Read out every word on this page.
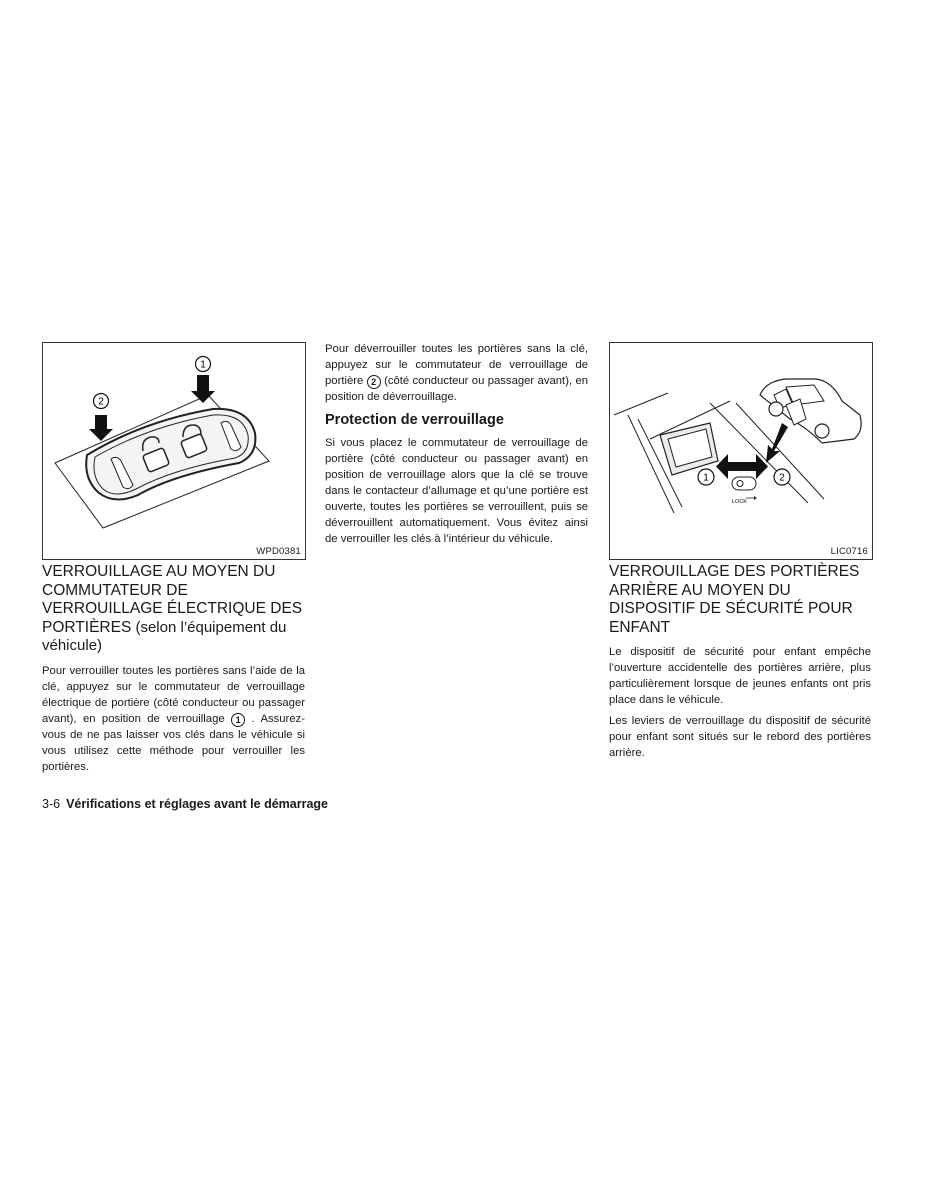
1
2
WPD0381
1	2
LOCK
LIC0716
VERROUILLAGE AU MOYEN DU COMMUTATEUR DE VERROUILLAGE ÉLECTRIQUE DES PORTIÈRES (selon l’équipement du véhicule)

Pour verrouiller toutes les portières sans l’aide de la clé, appuyez sur le commutateur de verrouillage électrique de portière (côté conducteur ou passager avant), en position de verrouillage 1 . Assurez-vous de ne pas laisser vos clés dans le véhicule si vous utilisez cette méthode pour verrouiller les portières.

Pour déverrouiller toutes les portières sans la clé, appuyez sur le commutateur de verrouillage de portière 2 (côté conducteur ou passager avant), en position de déverrouillage.

Protection de verrouillage

Si vous placez le commutateur de verrouillage de portière (côté conducteur ou passager avant) en position de verrouillage alors que la clé se trouve dans le contacteur d’allumage et qu’une portière est ouverte, toutes les portières se verrouillent, puis se déverrouillent automatiquement. Vous évitez ainsi de verrouiller les clés à l’intérieur du véhicule.

VERROUILLAGE DES PORTIÈRES ARRIÈRE AU MOYEN DU DISPOSITIF DE SÉCURITÉ POUR ENFANT

Le dispositif de sécurité pour enfant empêche l’ouverture accidentelle des portières arrière, plus particulièrement lorsque de jeunes enfants ont pris place dans le véhicule.

Les leviers de verrouillage du dispositif de sécurité pour enfant sont situés sur le rebord des portières arrière.

3-6 Vérifications et réglages avant le démarrage
